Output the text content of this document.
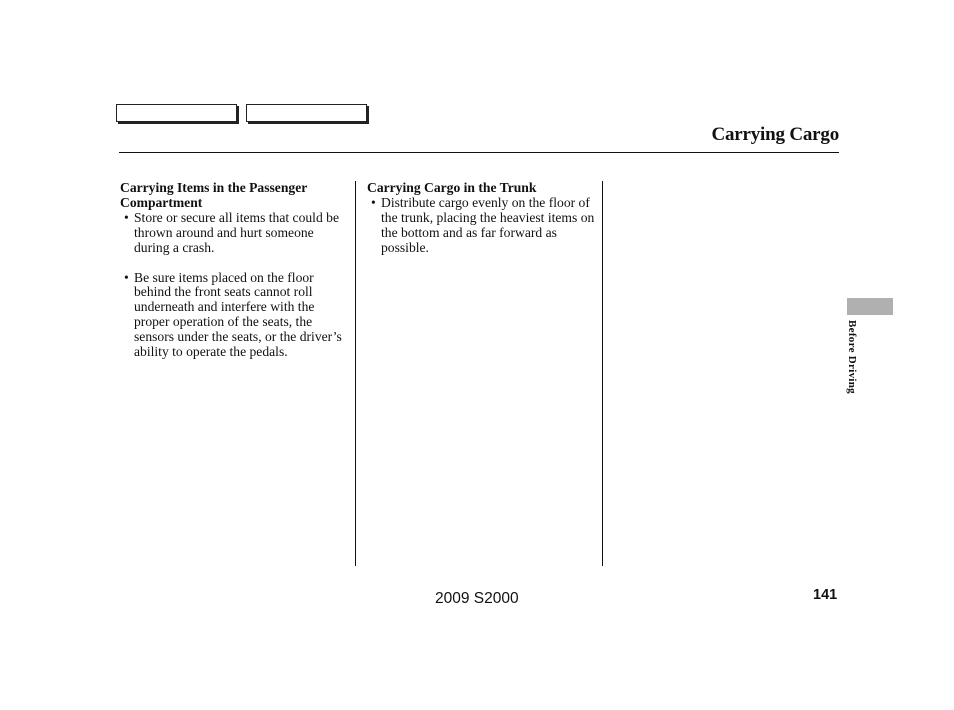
Carrying Cargo

Carrying Items in the Passenger Compartment

• Store or secure all items that could be thrown around and hurt someone during a crash.

• Be sure items placed on the floor behind the front seats cannot roll underneath and interfere with the proper operation of the seats, the sensors under the seats, or the driver’s ability to operate the pedals.

Carrying Cargo in the Trunk

• Distribute cargo evenly on the floor of the trunk, placing the heaviest items on the bottom and as far forward as possible.

Before Driving
2009 S2000	141
